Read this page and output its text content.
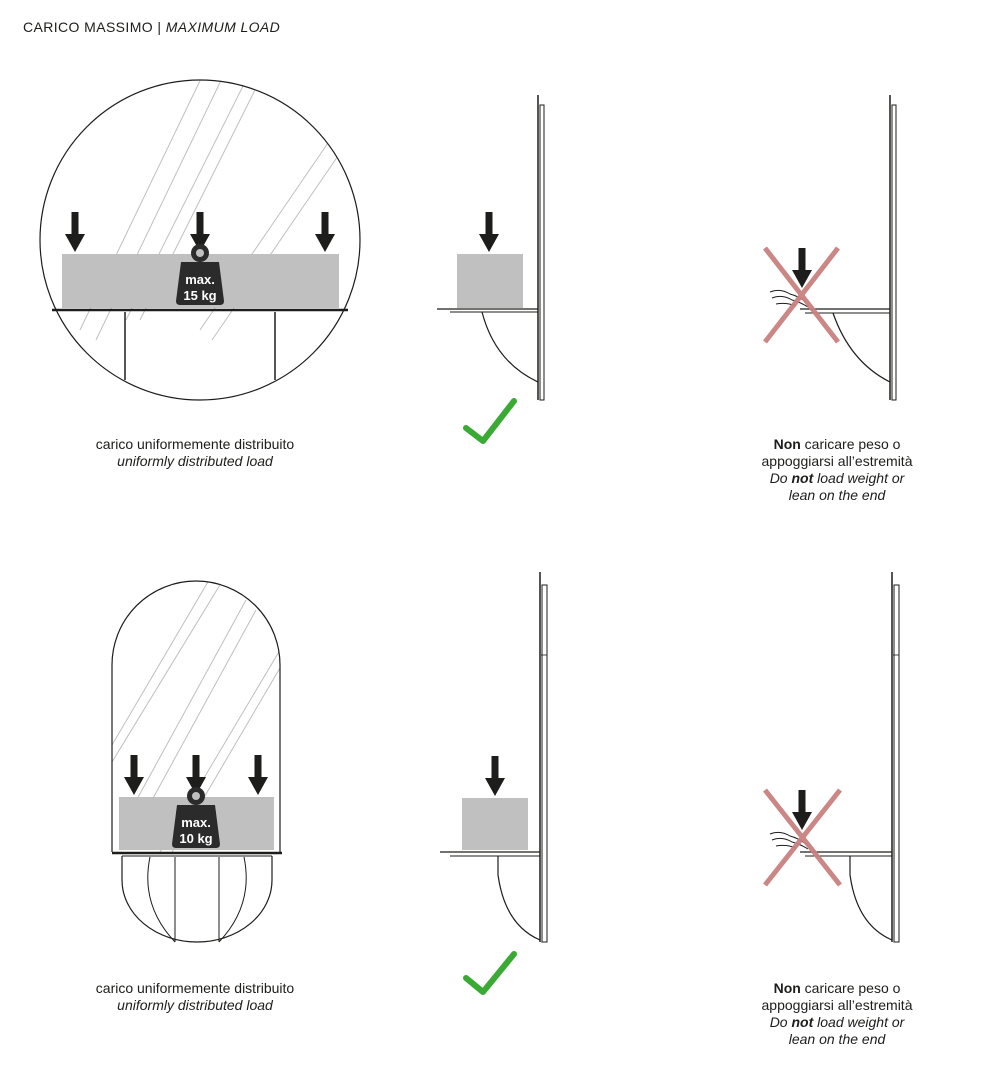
CARICO MASSIMO | MAXIMUM LOAD
max.
15 kg
max.
10 kg
carico uniformemente distribuito
uniformly distributed load
Non caricare peso o
appoggiarsi all’estremità
Do not load weight or
lean on the end
carico uniformemente distribuito
uniformly distributed load
Non caricare peso o
appoggiarsi all’estremità
Do not load weight or
lean on the end
